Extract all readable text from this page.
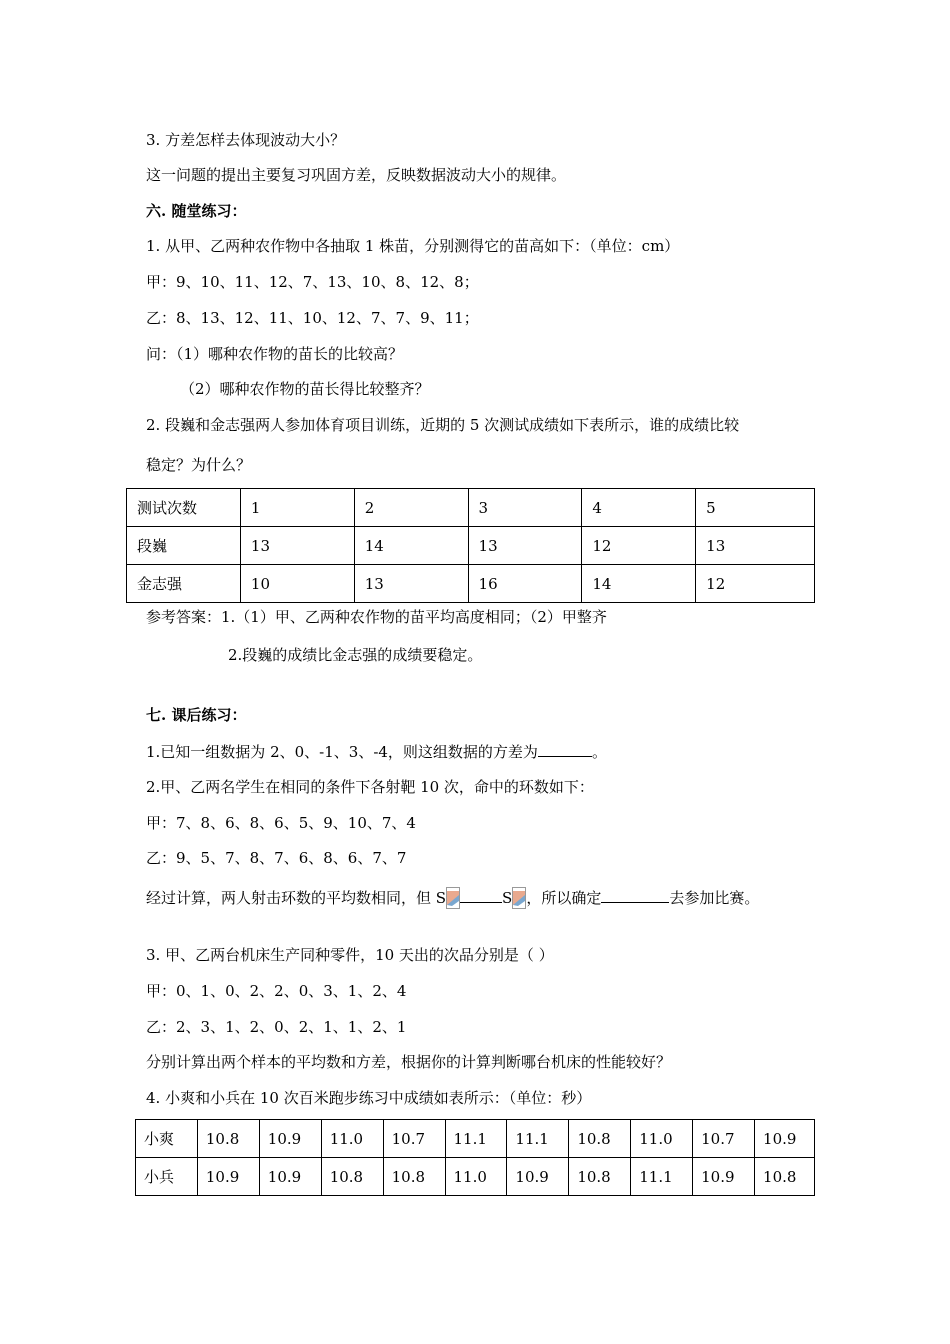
3. 方差怎样去体现波动大小？
这一问题的提出主要复习巩固方差，反映数据波动大小的规律。
六. 随堂练习：
1. 从甲、乙两种农作物中各抽取 1 株苗，分别测得它的苗高如下：（单位：cm）
甲：9、10、11、12、7、13、10、8、12、8；
乙：8、13、12、11、10、12、7、7、9、11；
问：（1）哪种农作物的苗长的比较高？
（2）哪种农作物的苗长得比较整齐？
2. 段巍和金志强两人参加体育项目训练，近期的 5 次测试成绩如下表所示，谁的成绩比较
稳定？为什么？
测试次数	1	2	3	4	5
段巍	13	14	13	12	13
金志强	10	13	16	14	12
参考答案：1.（1）甲、乙两种农作物的苗平均高度相同；（2）甲整齐
2.段巍的成绩比金志强的成绩要稳定。
七. 课后练习：
1.已知一组数据为 2、0、-1、3、-4，则这组数据的方差为	。
2.甲、乙两名学生在相同的条件下各射靶 10 次，命中的环数如下：
甲：7、8、6、8、6、5、9、10、7、4
乙：9、5、7、8、7、6、8、6、7、7
经过计算，两人射击环数的平均数相同，但 S	S ，所以确定	去参加比赛。
3. 甲、乙两台机床生产同种零件，10 天出的次品分别是（ ）
甲：0、1、0、2、2、0、3、1、2、4
乙：2、3、1、2、0、2、1、1、2、1
分别计算出两个样本的平均数和方差，根据你的计算判断哪台机床的性能较好？
4. 小爽和小兵在 10 次百米跑步练习中成绩如表所示：（单位：秒）
小爽	10.8	10.9	11.0	10.7	11.1	11.1	10.8	11.0	10.7	10.9
小兵	10.9	10.9	10.8	10.8	11.0	10.9	10.8	11.1	10.9	10.8
